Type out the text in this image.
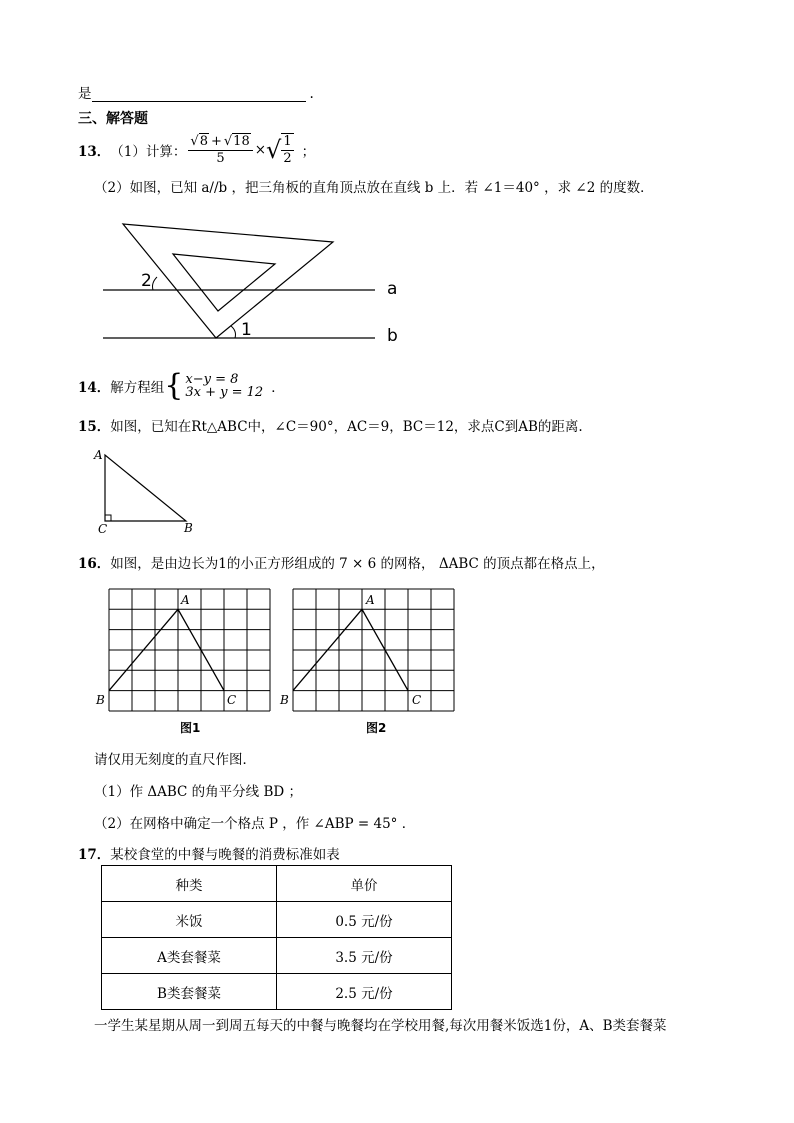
是	.
三、解答题
13． （1）计算： $\frac{√8 + √18}{5}$ × √ $\frac{1}{2}$ ；
（2）如图，已知 a//b ，把三角板的直角顶点放在直线 b 上．若 ∠1＝40° ，求 ∠2 的度数．
1
2	a
b
14． 解方程组 { x−y = 8
3x + y = 12 ．
15．如图，已知在Rt△ABC中，∠C＝90°，AC＝9，BC＝12，求点C到AB的距离.
A
C	B
16．如图，是由边长为1的小正方形组成的 7 × 6 的网格， ΔABC 的顶点都在格点上，
A
B	C
图1
A
B	C
图2
请仅用无刻度的直尺作图．
（1）作 ΔABC 的角平分线 BD ；
（2）在网格中确定一个格点 P ，作 ∠ABP = 45° ．
17．某校食堂的中餐与晚餐的消费标准如表
种类	单价
米饭	0.5 元/份
A类套餐菜	3.5 元/份
B类套餐菜	2.5 元/份
一学生某星期从周一到周五每天的中餐与晚餐均在学校用餐,每次用餐米饭选1份，A、B类套餐菜
